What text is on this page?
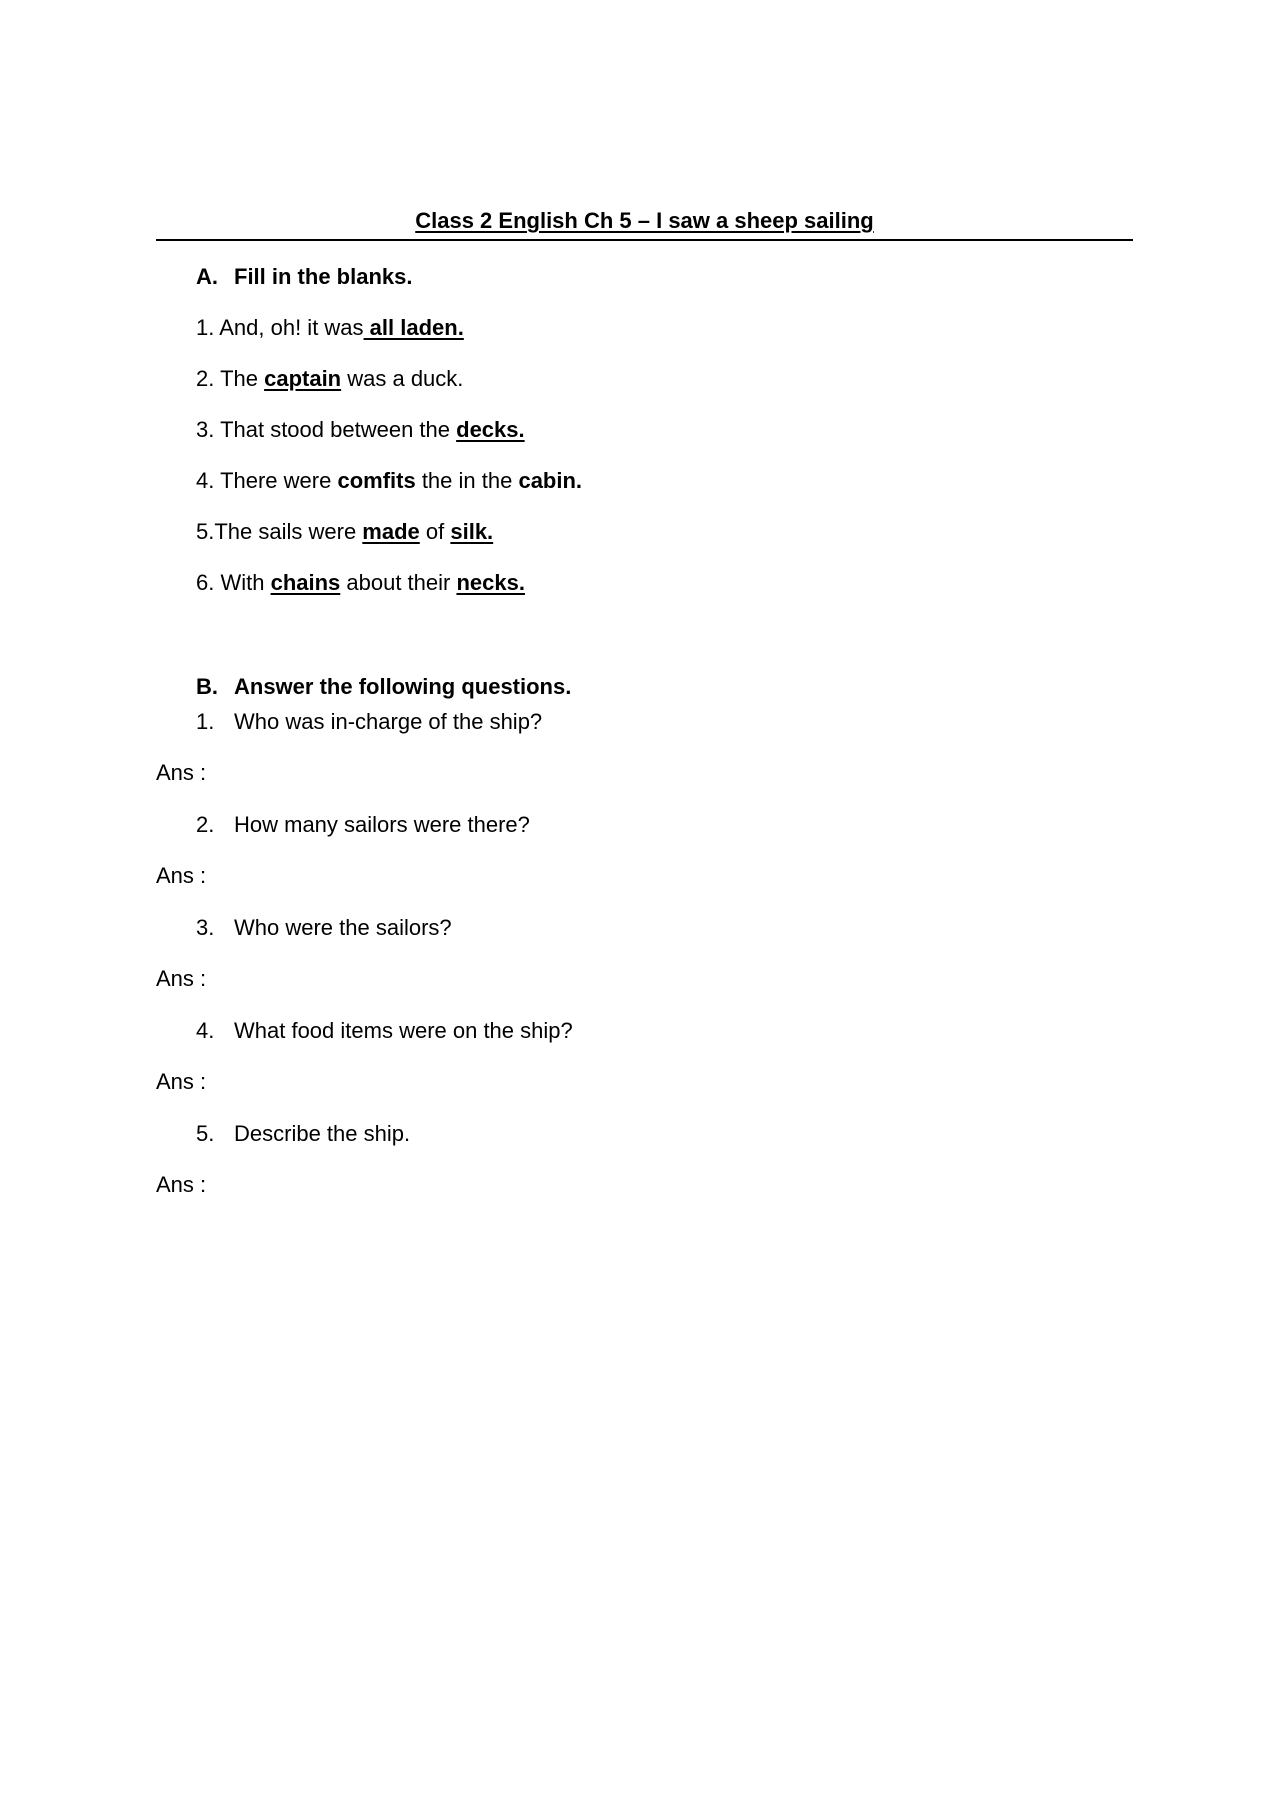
Class 2 English Ch 5 – I saw a sheep sailing
A. Fill in the blanks.
1. And, oh! it was all laden.
2. The captain was a duck.
3. That stood between the decks.
4. There were comfits the in the cabin.
5.The sails were made of silk.
6. With chains about their necks.
B. Answer the following questions.
1. Who was in-charge of the ship?
Ans :
2. How many sailors were there?
Ans :
3. Who were the sailors?
Ans :
4. What food items were on the ship?
Ans :
5. Describe the ship.
Ans :
